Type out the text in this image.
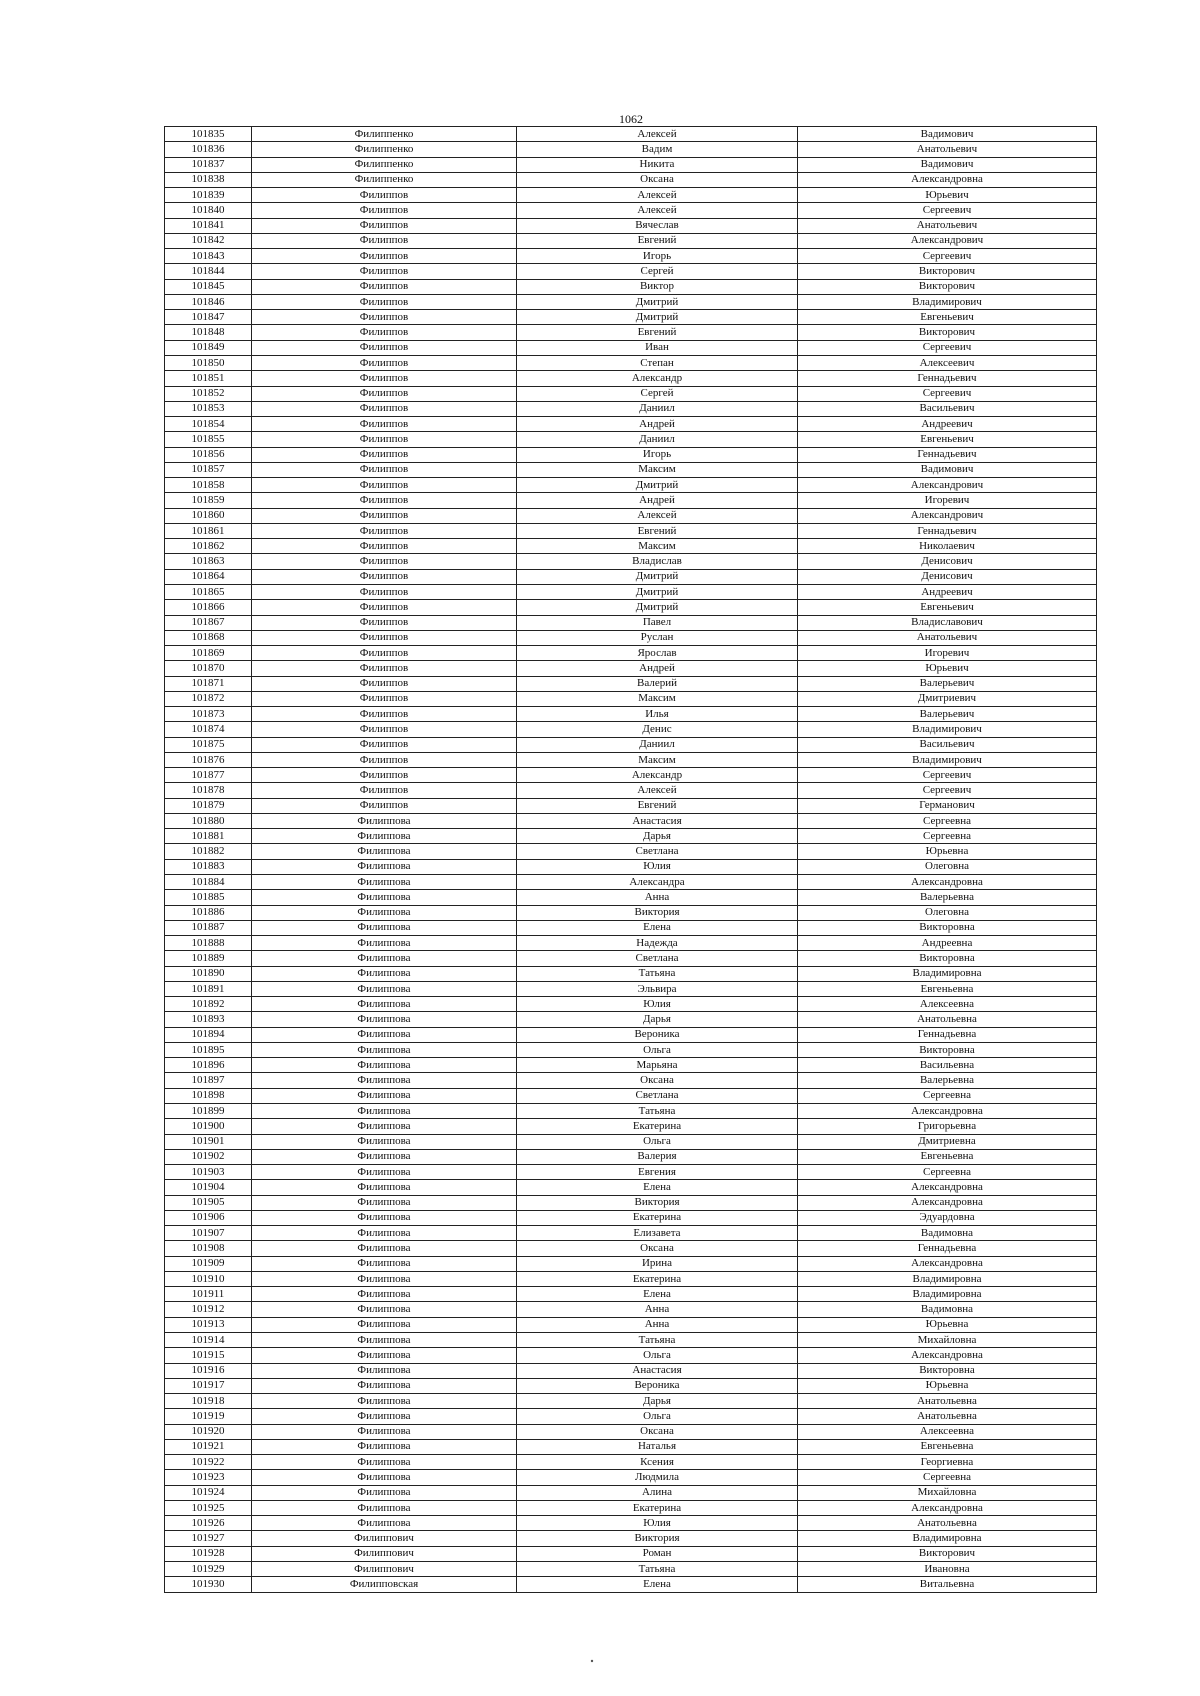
1062
101835	Филиппенко	Алексей	Вадимович
101836	Филиппенко	Вадим	Анатольевич
101837	Филиппенко	Никита	Вадимович
101838	Филиппенко	Оксана	Александровна
101839	Филиппов	Алексей	Юрьевич
101840	Филиппов	Алексей	Сергеевич
101841	Филиппов	Вячеслав	Анатольевич
101842	Филиппов	Евгений	Александрович
101843	Филиппов	Игорь	Сергеевич
101844	Филиппов	Сергей	Викторович
101845	Филиппов	Виктор	Викторович
101846	Филиппов	Дмитрий	Владимирович
101847	Филиппов	Дмитрий	Евгеньевич
101848	Филиппов	Евгений	Викторович
101849	Филиппов	Иван	Сергеевич
101850	Филиппов	Степан	Алексеевич
101851	Филиппов	Александр	Геннадьевич
101852	Филиппов	Сергей	Сергеевич
101853	Филиппов	Даниил	Васильевич
101854	Филиппов	Андрей	Андреевич
101855	Филиппов	Даниил	Евгеньевич
101856	Филиппов	Игорь	Геннадьевич
101857	Филиппов	Максим	Вадимович
101858	Филиппов	Дмитрий	Александрович
101859	Филиппов	Андрей	Игоревич
101860	Филиппов	Алексей	Александрович
101861	Филиппов	Евгений	Геннадьевич
101862	Филиппов	Максим	Николаевич
101863	Филиппов	Владислав	Денисович
101864	Филиппов	Дмитрий	Денисович
101865	Филиппов	Дмитрий	Андреевич
101866	Филиппов	Дмитрий	Евгеньевич
101867	Филиппов	Павел	Владиславович
101868	Филиппов	Руслан	Анатольевич
101869	Филиппов	Ярослав	Игоревич
101870	Филиппов	Андрей	Юрьевич
101871	Филиппов	Валерий	Валерьевич
101872	Филиппов	Максим	Дмитриевич
101873	Филиппов	Илья	Валерьевич
101874	Филиппов	Денис	Владимирович
101875	Филиппов	Даниил	Васильевич
101876	Филиппов	Максим	Владимирович
101877	Филиппов	Александр	Сергеевич
101878	Филиппов	Алексей	Сергеевич
101879	Филиппов	Евгений	Германович
101880	Филиппова	Анастасия	Сергеевна
101881	Филиппова	Дарья	Сергеевна
101882	Филиппова	Светлана	Юрьевна
101883	Филиппова	Юлия	Олеговна
101884	Филиппова	Александра	Александровна
101885	Филиппова	Анна	Валерьевна
101886	Филиппова	Виктория	Олеговна
101887	Филиппова	Елена	Викторовна
101888	Филиппова	Надежда	Андреевна
101889	Филиппова	Светлана	Викторовна
101890	Филиппова	Татьяна	Владимировна
101891	Филиппова	Эльвира	Евгеньевна
101892	Филиппова	Юлия	Алексеевна
101893	Филиппова	Дарья	Анатольевна
101894	Филиппова	Вероника	Геннадьевна
101895	Филиппова	Ольга	Викторовна
101896	Филиппова	Марьяна	Васильевна
101897	Филиппова	Оксана	Валерьевна
101898	Филиппова	Светлана	Сергеевна
101899	Филиппова	Татьяна	Александровна
101900	Филиппова	Екатерина	Григорьевна
101901	Филиппова	Ольга	Дмитриевна
101902	Филиппова	Валерия	Евгеньевна
101903	Филиппова	Евгения	Сергеевна
101904	Филиппова	Елена	Александровна
101905	Филиппова	Виктория	Александровна
101906	Филиппова	Екатерина	Эдуардовна
101907	Филиппова	Елизавета	Вадимовна
101908	Филиппова	Оксана	Геннадьевна
101909	Филиппова	Ирина	Александровна
101910	Филиппова	Екатерина	Владимировна
101911	Филиппова	Елена	Владимировна
101912	Филиппова	Анна	Вадимовна
101913	Филиппова	Анна	Юрьевна
101914	Филиппова	Татьяна	Михайловна
101915	Филиппова	Ольга	Александровна
101916	Филиппова	Анастасия	Викторовна
101917	Филиппова	Вероника	Юрьевна
101918	Филиппова	Дарья	Анатольевна
101919	Филиппова	Ольга	Анатольевна
101920	Филиппова	Оксана	Алексеевна
101921	Филиппова	Наталья	Евгеньевна
101922	Филиппова	Ксения	Георгиевна
101923	Филиппова	Людмила	Сергеевна
101924	Филиппова	Алина	Михайловна
101925	Филиппова	Екатерина	Александровна
101926	Филиппова	Юлия	Анатольевна
101927	Филиппович	Виктория	Владимировна
101928	Филиппович	Роман	Викторович
101929	Филиппович	Татьяна	Ивановна
101930	Филипповская	Елена	Витальевна
